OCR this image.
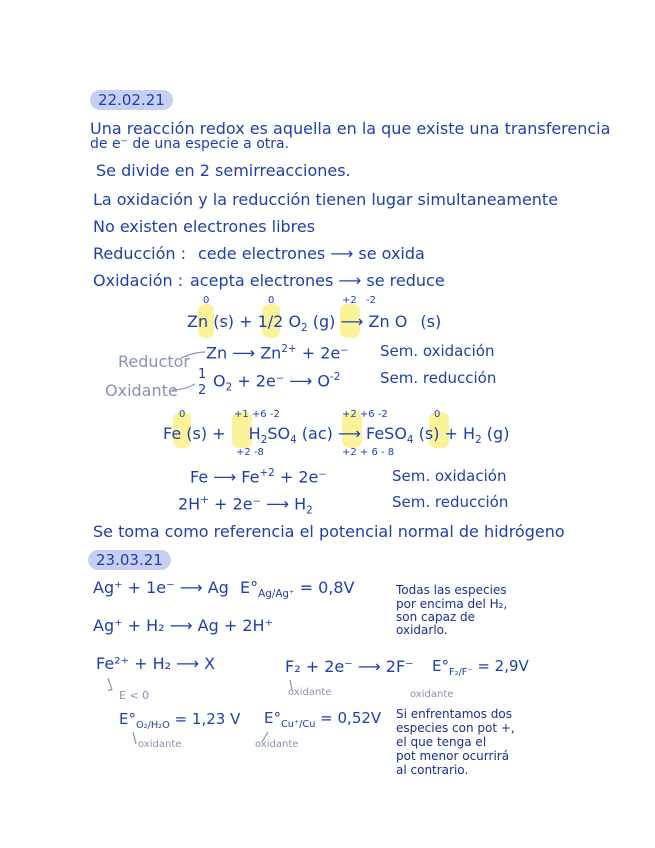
22.02.21
Una reacción redox es aquella en la que existe una transferencia
de e⁻ de una especie a otra.
Se divide en 2 semirreacciones.
La oxidación y la reducción tienen lugar simultaneamente
No existen electrones libres
Reducción : cede electrones ⟶ se oxida
Oxidación : acepta electrones ⟶ se reduce
0	0	+2 -2
Zn (s) + 1/2 $O_2$ (g) ⟶ Zn O (s)
Reductor Zn ⟶ $Zn^{2+} + 2e^-$ Sem. oxidación
Oxidante
1
2
$O_2 + 2e^-$ ⟶ $O^{-2}$	Sem. reducción
0	+1 +6 -2	+2 +6 -2	0
Fe $(s) + H_2SO_4$ (ac) ⟶ FeSO$_4$ $(s) + H_2$ (g)
+2 -8	+2 + 6 - 8
Fe ⟶ $Fe^{+2} + 2e^-$	Sem. oxidación
2H+ + 2e⁻ ⟶ $H_2$	Sem. reducción
Se toma como referencia el potencial normal de hidrógeno
23.03.21
Ag⁺ + 1e⁻ ⟶ Ag $E^\circ_{Ag/Ag^+} = 0,8V$	Todas las especies
por encima del H₂,
son capaz de
oxidarlo.
Ag⁺ + H₂ ⟶ Ag + 2H⁺
Fe²⁺ + H₂ ⟶ X
E < 0
$E^\circ_{O_2/H_2O} = 1,23$ V
oxidante
F₂ + 2e⁻ ⟶ 2F⁻
oxidante
$E^\circ_{F_2/F^-} = 2,9V$
oxidante
$E^\circ_{Cu^+/Cu} = 0,52V$
oxidante
Si enfrentamos dos
especies con pot +,
el que tenga el
pot menor ocurrirá
al contrario.
